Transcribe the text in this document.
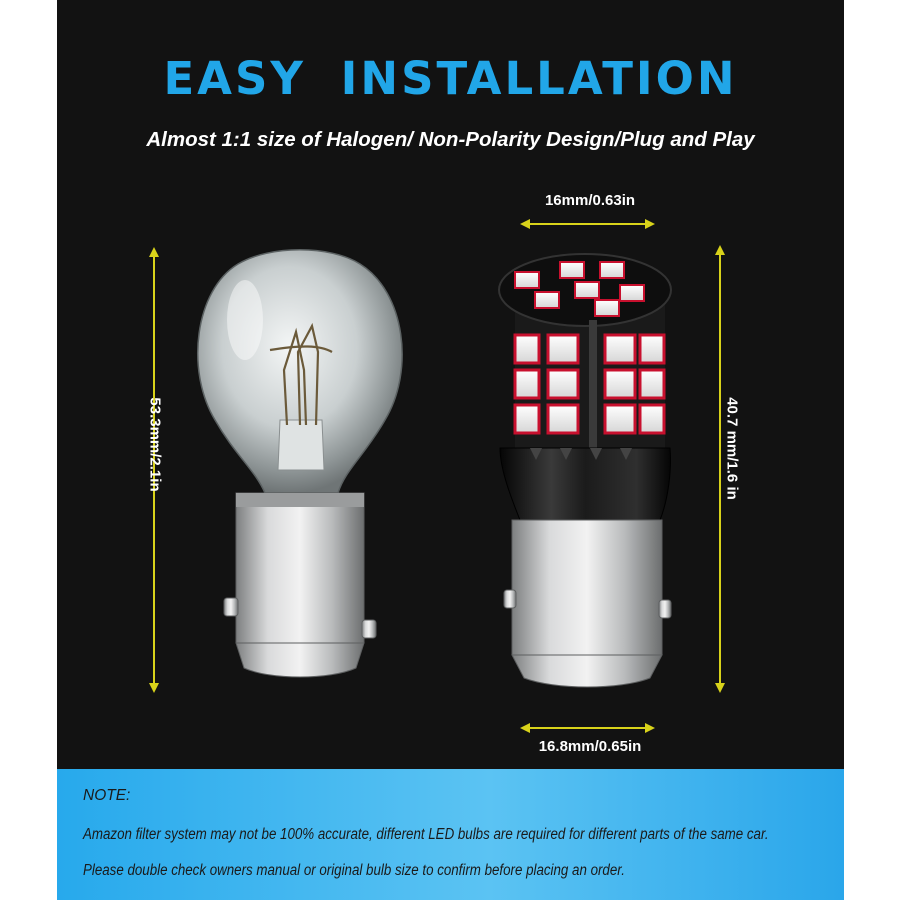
EASY INSTALLATION

Almost 1:1 size of Halogen/ Non-Polarity Design/Plug and Play

16mm/0.63in
53.3mm/2.1in	40.7 mm/1.6 in
16.8mm/0.65in

NOTE:

Amazon filter system may not be 100% accurate, different LED bulbs are required for different parts of the same car.

Please double check owners manual or original bulb size to confirm before placing an order.
